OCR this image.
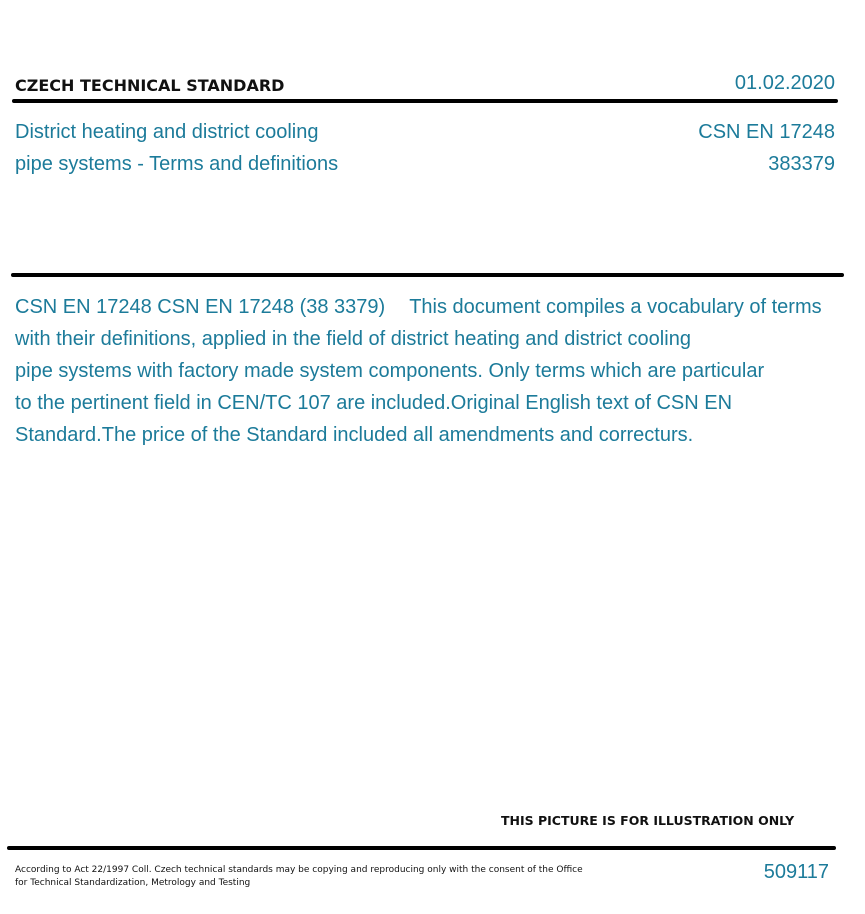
CZECH TECHNICAL STANDARD	01.02.2020
District heating and district cooling
pipe systems - Terms and definitions
CSN EN 17248
383379
CSN EN 17248 CSN EN 17248 (38 3379) This document compiles a vocabulary of terms
with their definitions, applied in the field of district heating and district cooling
pipe systems with factory made system components. Only terms which are particular
to the pertinent field in CEN/TC 107 are included.Original English text of CSN EN
Standard.The price of the Standard included all amendments and correcturs.
THIS PICTURE IS FOR ILLUSTRATION ONLY
According to Act 22/1997 Coll. Czech technical standards may be copying and reproducing only with the consent of the Office
for Technical Standardization, Metrology and Testing	509117
